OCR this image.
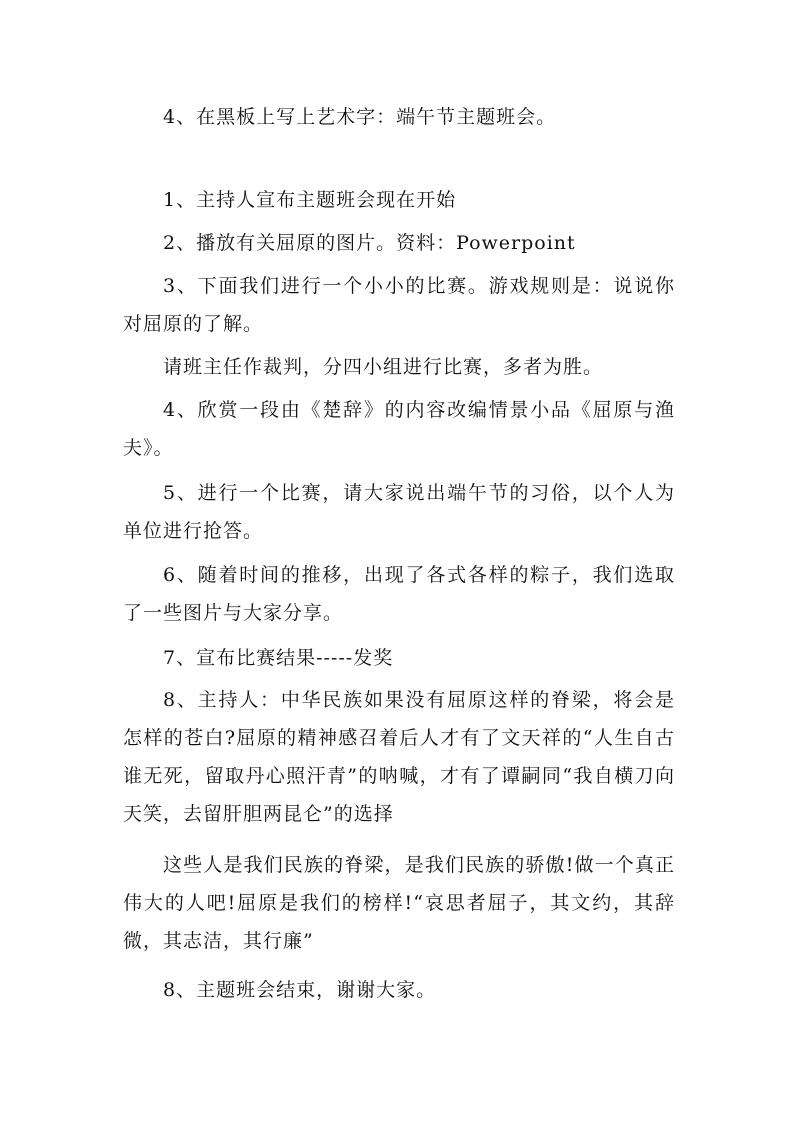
4、在黑板上写上艺术字：端午节主题班会。

1、主持人宣布主题班会现在开始

2、播放有关屈原的图片。资料：Powerpoint

3、下面我们进行一个小小的比赛。游戏规则是：说说你对屈原的了解。

请班主任作裁判，分四小组进行比赛，多者为胜。

4、欣赏一段由《楚辞》的内容改编情景小品《屈原与渔夫》。

5、进行一个比赛，请大家说出端午节的习俗，以个人为单位进行抢答。

6、随着时间的推移，出现了各式各样的粽子，我们选取了一些图片与大家分享。

7、宣布比赛结果-----发奖

8、主持人：中华民族如果没有屈原这样的脊梁，将会是怎样的苍白?屈原的精神感召着后人才有了文天祥的“人生自古谁无死，留取丹心照汗青”的呐喊，才有了谭嗣同“我自横刀向天笑，去留肝胆两昆仑”的选择

这些人是我们民族的脊梁，是我们民族的骄傲!做一个真正伟大的人吧!屈原是我们的榜样!“哀思者屈子，其文约，其辞微，其志洁，其行廉”

8、主题班会结束，谢谢大家。
